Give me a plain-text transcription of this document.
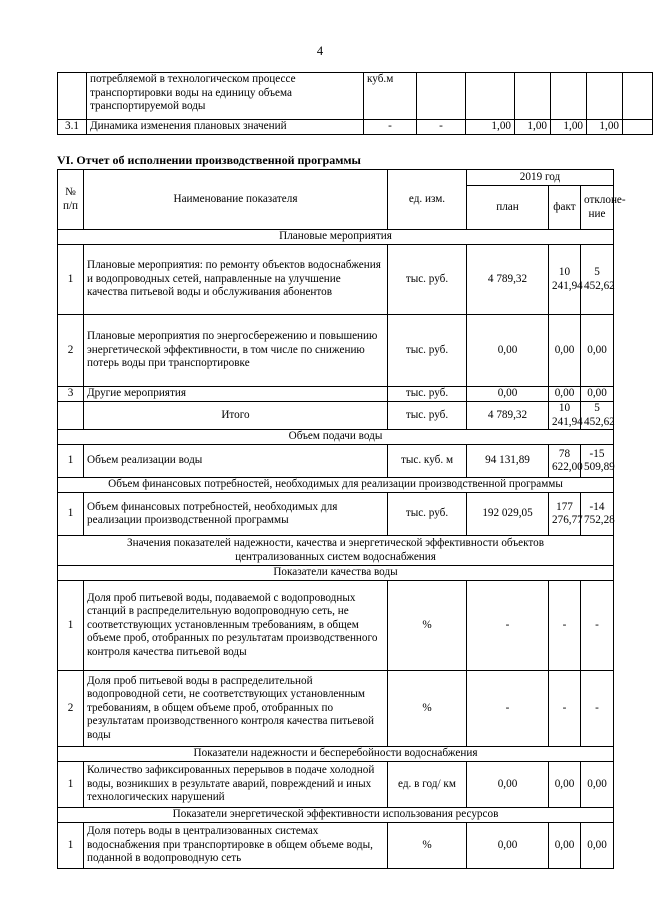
4
	потребляемой в технологическом процессе транспортировки воды на единицу объема транспортируемой воды	куб.м						
3.1	Динамика изменения плановых значений	-	-	1,00	1,00	1,00	1,00	
VI. Отчет об исполнении производственной программы
№
п/п	Наименование показателя	ед. изм.	2019 год		
			план	факт	отклоне-
ние
Плановые мероприятия					
1	Плановые мероприятия: по ремонту объектов водоснабжения и водопроводных сетей, направленные на улучшение качества питьевой воды и обслуживания абонентов	тыс. руб.	4 789,32	10 241,94	5 452,62
2	Плановые мероприятия по энергосбережению и повышению энергетической эффективности, в том числе по снижению потерь воды при транспортировке	тыс. руб.	0,00	0,00	0,00
3	Другие мероприятия	тыс. руб.	0,00	0,00	0,00
	Итого	тыс. руб.	4 789,32	10 241,94	5 452,62
Объем подачи воды					
1	Объем реализации воды	тыс. куб. м	94 131,89	78 622,00	-15 509,89
Объем финансовых потребностей, необходимых для реализации производственной программы					
1	Объем финансовых потребностей, необходимых для реализации производственной программы	тыс. руб.	192 029,05	177 276,77	-14 752,28
Значения показателей надежности, качества и энергетической эффективности объектов централизованных систем водоснабжения					
Показатели качества воды					
1	Доля проб питьевой воды, подаваемой с водопроводных станций в распределительную водопроводную сеть, не соответствующих установленным требованиям, в общем объеме проб, отобранных по результатам производственного контроля качества питьевой воды	%	-	-	-
2	Доля проб питьевой воды в распределительной водопроводной сети, не соответствующих установленным требованиям, в общем объеме проб, отобранных по результатам производственного контроля качества питьевой воды	%	-	-	-
Показатели надежности и бесперебойности водоснабжения					
1	Количество зафиксированных перерывов в подаче холодной воды, возникших в результате аварий, повреждений и иных технологических нарушений	ед. в год/ км	0,00	0,00	0,00
Показатели энергетической эффективности использования ресурсов					
1	Доля потерь воды в централизованных системах водоснабжения при транспортировке в общем объеме воды, поданной в водопроводную сеть	%	0,00	0,00	0,00
